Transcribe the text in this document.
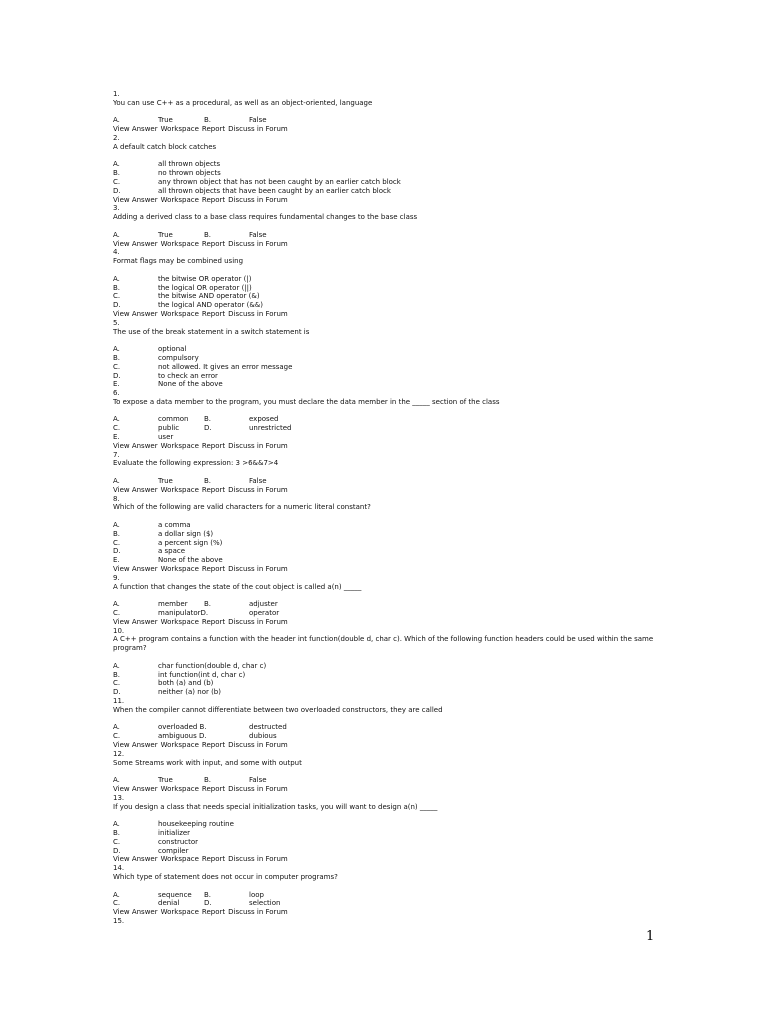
1.
You can use C++ as a procedural, as well as an object-oriented, language
A.	True	B.	False
View Answer Workspace Report Discuss in Forum
2.
A default catch block catches
A.	all thrown objects
B.	no thrown objects
C.	any thrown object that has not been caught by an earlier catch block
D.	all thrown objects that have been caught by an earlier catch block
View Answer Workspace Report Discuss in Forum
3.
Adding a derived class to a base class requires fundamental changes to the base class
A.	True	B.	False
View Answer Workspace Report Discuss in Forum
4.
Format flags may be combined using
A.	the bitwise OR operator (|)
B.	the logical OR operator (||)
C.	the bitwise AND operator (&)
D.	the logical AND operator (&&)
View Answer Workspace Report Discuss in Forum
5.
The use of the break statement in a switch statement is
A.	optional
B.	compulsory
C.	not allowed. It gives an error message
D.	to check an error
E.	None of the above
6.
To expose a data member to the program, you must declare the data member in the _____ section of the class
A.	common B.	exposed
C.	public	D.	unrestricted
E.	user
View Answer Workspace Report Discuss in Forum
7.
Evaluate the following expression: 3 >6&&7>4
A.	True	B.	False
View Answer Workspace Report Discuss in Forum
8.
Which of the following are valid characters for a numeric literal constant?
A.	a comma
B.	a dollar sign ($)
C.	a percent sign (%)
D.	a space
E.	None of the above
View Answer Workspace Report Discuss in Forum
9.
A function that changes the state of the cout object is called a(n) _____
A.	member B.	adjuster
C.	manipulatorD.	operator
View Answer Workspace Report Discuss in Forum
10.
A C++ program contains a function with the header int function(double d, char c). Which of the following function headers could be used within the same program?
A.	char function(double d, char c)
B.	int function(int d, char c)
C.	both (a) and (b)
D.	neither (a) nor (b)
11.
When the compiler cannot differentiate between two overloaded constructors, they are called
A.	overloaded B.	destructed
C.	ambiguous D.	dubious
View Answer Workspace Report Discuss in Forum
12.
Some Streams work with input, and some with output
A.	True	B.	False
View Answer Workspace Report Discuss in Forum
13.
If you design a class that needs special initialization tasks, you will want to design a(n) _____
A.	housekeeping routine
B.	initializer
C.	constructor
D.	compiler
View Answer Workspace Report Discuss in Forum
14.
Which type of statement does not occur in computer programs?
A.	sequence B.	loop
C.	denial	D.	selection
View Answer Workspace Report Discuss in Forum
15.
1
